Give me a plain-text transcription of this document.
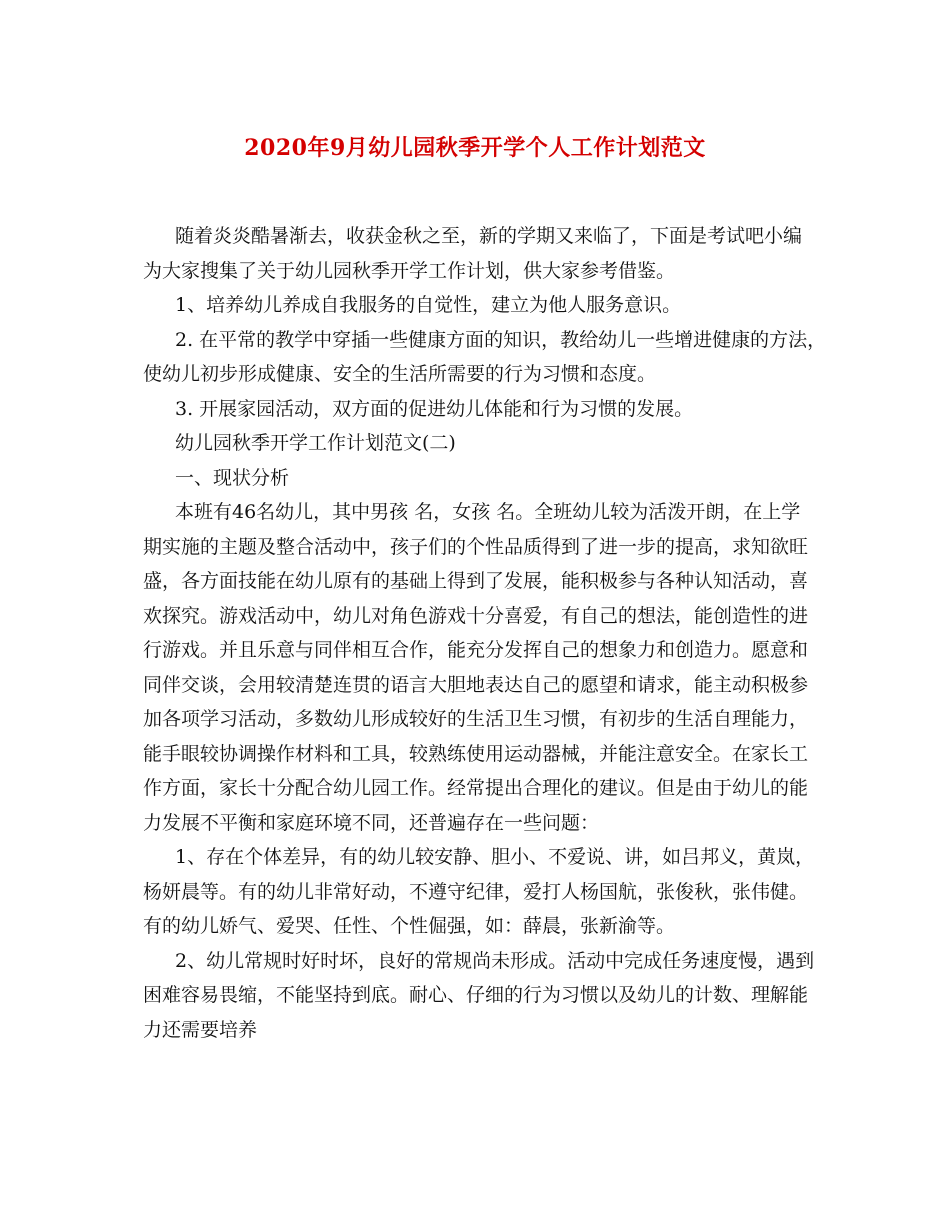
2020年9月幼儿园秋季开学个人工作计划范文
随着炎炎酷暑渐去，收获金秋之至，新的学期又来临了，下面是考试吧小编
为大家搜集了关于幼儿园秋季开学工作计划，供大家参考借鉴。
1、培养幼儿养成自我服务的自觉性，建立为他人服务意识。
2. 在平常的教学中穿插一些健康方面的知识，教给幼儿一些增进健康的方法，
使幼儿初步形成健康、安全的生活所需要的行为习惯和态度。
3. 开展家园活动，双方面的促进幼儿体能和行为习惯的发展。
幼儿园秋季开学工作计划范文(二)
一、现状分析
本班有46名幼儿，其中男孩 名，女孩 名。全班幼儿较为活泼开朗，在上学
期实施的主题及整合活动中，孩子们的个性品质得到了进一步的提高，求知欲旺
盛，各方面技能在幼儿原有的基础上得到了发展，能积极参与各种认知活动，喜
欢探究。游戏活动中，幼儿对角色游戏十分喜爱，有自己的想法，能创造性的进
行游戏。并且乐意与同伴相互合作，能充分发挥自己的想象力和创造力。愿意和
同伴交谈，会用较清楚连贯的语言大胆地表达自己的愿望和请求，能主动积极参
加各项学习活动，多数幼儿形成较好的生活卫生习惯，有初步的生活自理能力，
能手眼较协调操作材料和工具，较熟练使用运动器械，并能注意安全。在家长工
作方面，家长十分配合幼儿园工作。经常提出合理化的建议。但是由于幼儿的能
力发展不平衡和家庭环境不同，还普遍存在一些问题：
1、存在个体差异，有的幼儿较安静、胆小、不爱说、讲，如吕邦义，黄岚，
杨妍晨等。有的幼儿非常好动，不遵守纪律，爱打人杨国航，张俊秋，张伟健。
有的幼儿娇气、爱哭、任性、个性倔强，如：薛晨，张新渝等。
2、幼儿常规时好时坏，良好的常规尚未形成。活动中完成任务速度慢，遇到
困难容易畏缩，不能坚持到底。耐心、仔细的行为习惯以及幼儿的计数、理解能
力还需要培养
